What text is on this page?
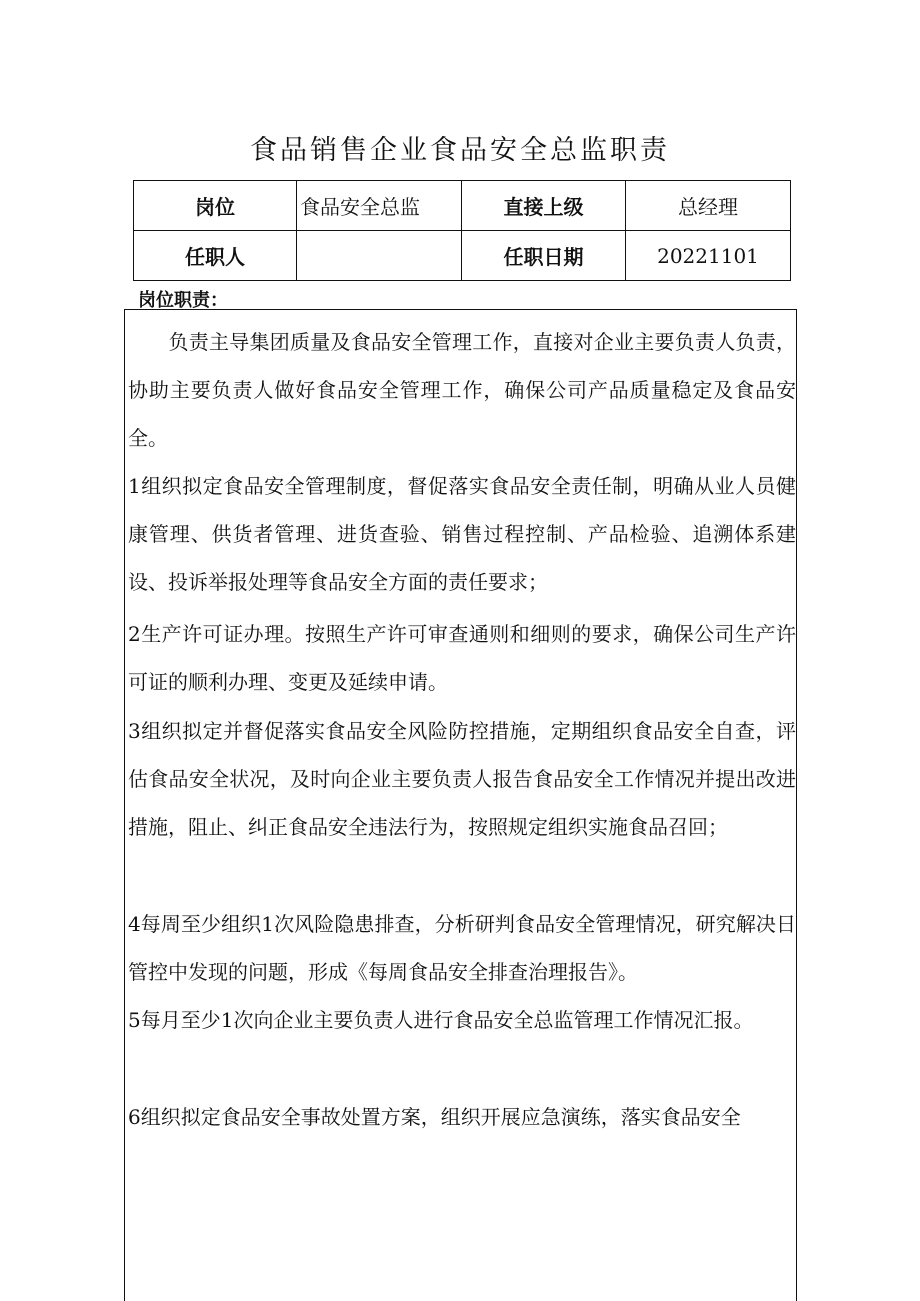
食品销售企业食品安全总监职责
岗位	食品安全总监	直接上级	总经理
任职人		任职日期	20221101
岗位职责：

　　负责主导集团质量及食品安全管理工作，直接对企业主要负责人负责，协助主要负责人做好食品安全管理工作，确保公司产品质量稳定及食品安全。

1组织拟定食品安全管理制度，督促落实食品安全责任制，明确从业人员健康管理、供货者管理、进货查验、销售过程控制、产品检验、追溯体系建设、投诉举报处理等食品安全方面的责任要求；

2生产许可证办理。按照生产许可审查通则和细则的要求，确保公司生产许可证的顺利办理、变更及延续申请。

3组织拟定并督促落实食品安全风险防控措施，定期组织食品安全自查，评估食品安全状况，及时向企业主要负责人报告食品安全工作情况并提出改进措施，阻止、纠正食品安全违法行为，按照规定组织实施食品召回；

4每周至少组织1次风险隐患排查，分析研判食品安全管理情况，研究解决日管控中发现的问题，形成《每周食品安全排查治理报告》。

5每月至少1次向企业主要负责人进行食品安全总监管理工作情况汇报。

6组织拟定食品安全事故处置方案，组织开展应急演练，落实食品安全
